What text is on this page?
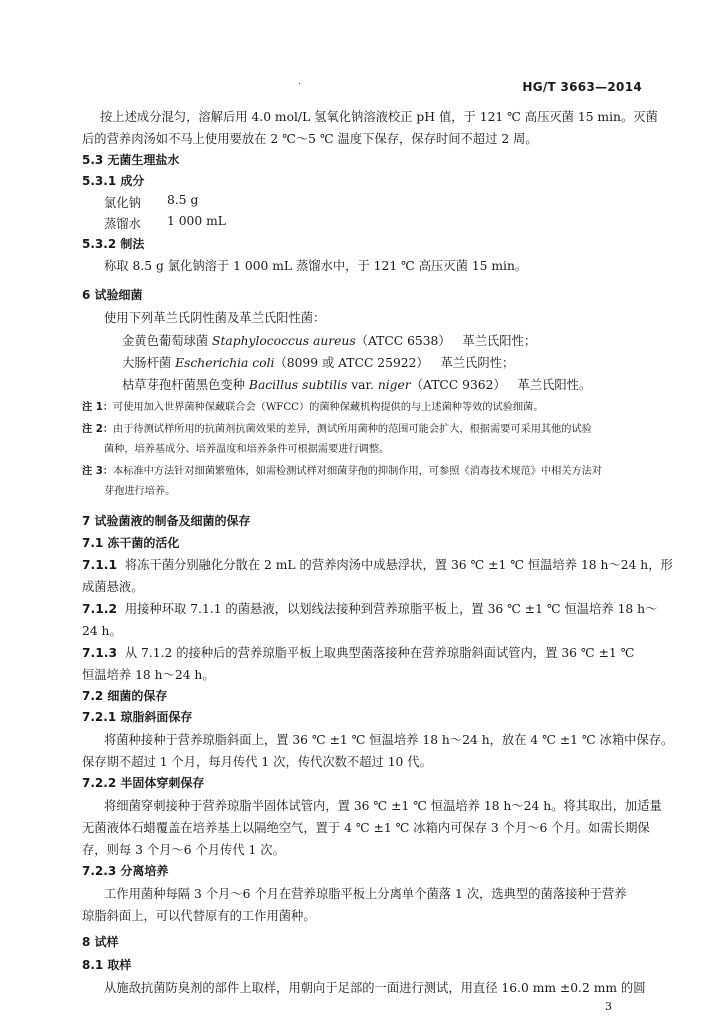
HG/T 3663—2014
·
按上述成分混匀，溶解后用 4.0 mol/L 氢氧化钠溶液校正 pH 值，于 121 ℃ 高压灭菌 15 min。灭菌
后的营养肉汤如不马上使用要放在 2 ℃～5 ℃ 温度下保存，保存时间不超过 2 周。
5.3 无菌生理盐水
5.3.1 成分
氯化钠 8.5 g
蒸馏水 1 000 mL
5.3.2 制法
称取 8.5 g 氯化钠溶于 1 000 mL 蒸馏水中，于 121 ℃ 高压灭菌 15 min。
6 试验细菌
使用下列革兰氏阴性菌及革兰氏阳性菌：
金黄色葡萄球菌 Staphylococcus aureus（ATCC 6538） 革兰氏阳性；
大肠杆菌 Escherichia coli（8099 或 ATCC 25922） 革兰氏阴性；
枯草芽孢杆菌黑色变种 Bacillus subtilis var. niger（ATCC 9362） 革兰氏阳性。
注 1：可使用加入世界菌种保藏联合会（WFCC）的菌种保藏机构提供的与上述菌种等效的试验细菌。
注 2：由于待测试样所用的抗菌剂抗菌效果的差异，测试所用菌种的范围可能会扩大，根据需要可采用其他的试验
菌种，培养基成分、培养温度和培养条件可根据需要进行调整。
注 3：本标准中方法针对细菌繁殖体，如需检测试样对细菌芽孢的抑制作用，可参照《消毒技术规范》中相关方法对
芽孢进行培养。
7 试验菌液的制备及细菌的保存
7.1 冻干菌的活化
7.1.1 将冻干菌分别融化分散在 2 mL 的营养肉汤中成悬浮状，置 36 ℃ ±1 ℃ 恒温培养 18 h～24 h，形
成菌悬液。
7.1.2 用接种环取 7.1.1 的菌悬液，以划线法接种到营养琼脂平板上，置 36 ℃ ±1 ℃ 恒温培养 18 h～
24 h。
7.1.3 从 7.1.2 的接种后的营养琼脂平板上取典型菌落接种在营养琼脂斜面试管内，置 36 ℃ ±1 ℃
恒温培养 18 h～24 h。
7.2 细菌的保存
7.2.1 琼脂斜面保存
将菌种接种于营养琼脂斜面上，置 36 ℃ ±1 ℃ 恒温培养 18 h～24 h，放在 4 ℃ ±1 ℃ 冰箱中保存。
保存期不超过 1 个月，每月传代 1 次，传代次数不超过 10 代。
7.2.2 半固体穿刺保存
将细菌穿刺接种于营养琼脂半固体试管内，置 36 ℃ ±1 ℃ 恒温培养 18 h～24 h。将其取出，加适量
无菌液体石蜡覆盖在培养基上以隔绝空气，置于 4 ℃ ±1 ℃ 冰箱内可保存 3 个月～6 个月。如需长期保
存，则每 3 个月～6 个月传代 1 次。
7.2.3 分离培养
工作用菌种每隔 3 个月～6 个月在营养琼脂平板上分离单个菌落 1 次，选典型的菌落接种于营养
琼脂斜面上，可以代替原有的工作用菌种。
8 试样
8.1 取样
从施敌抗菌防臭剂的部件上取样，用朝向于足部的一面进行测试，用直径 16.0 mm ±0.2 mm 的圆
3
